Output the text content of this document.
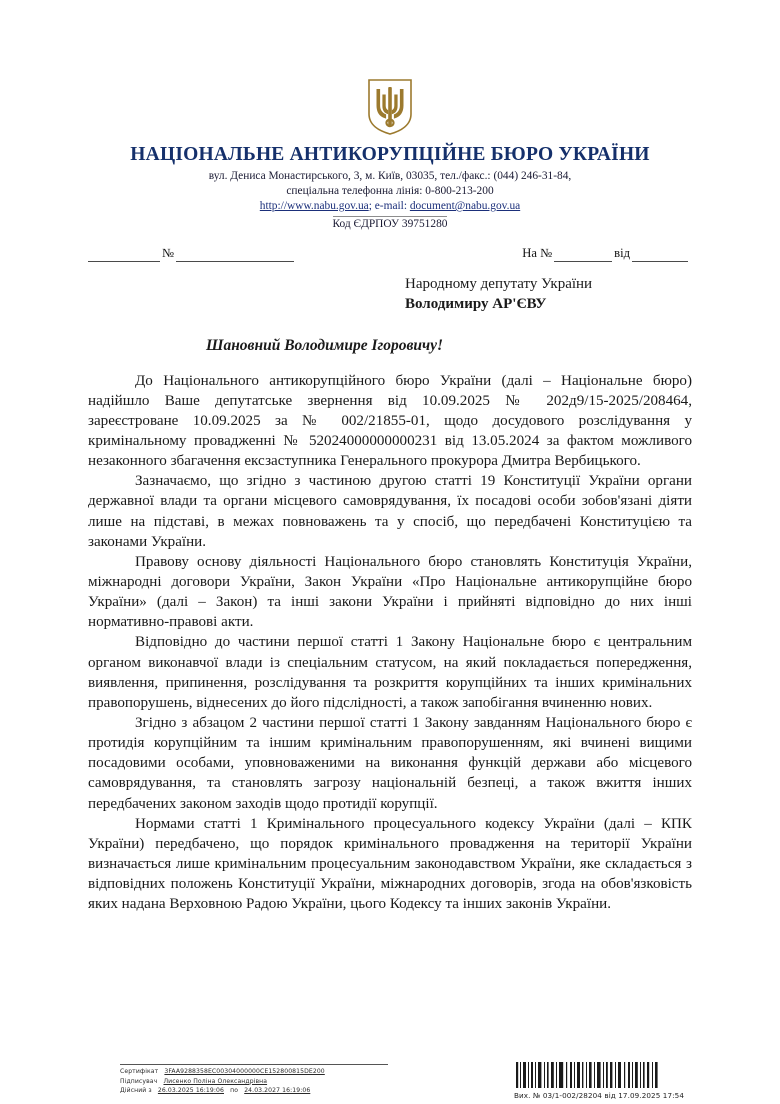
НАЦІОНАЛЬНЕ АНТИКОРУПЦІЙНЕ БЮРО УКРАЇНИ
вул. Дениса Монастирського, 3, м. Київ, 03035, тел./факс.: (044) 246-31-84,
спеціальна телефонна лінія: 0-800-213-200
http://www.nabu.gov.ua; e-mail: document@nabu.gov.ua
Код ЄДРПОУ 39751280
№	На №	від
Народному депутату України
Володимиру АР'ЄВУ
Шановний Володимире Ігоровичу!

До Національного антикорупційного бюро України (далі – Національне бюро) надійшло Ваше депутатське звернення від 10.09.2025 № 202д9/15-2025/208464, зареєстроване 10.09.2025 за № 002/21855-01, щодо досудового розслідування у кримінальному провадженні № 52024000000000231 від 13.05.2024 за фактом можливого незаконного збагачення ексзаступника Генерального прокурора Дмитра Вербицького.

Зазначаємо, що згідно з частиною другою статті 19 Конституції України органи державної влади та органи місцевого самоврядування, їх посадові особи зобов'язані діяти лише на підставі, в межах повноважень та у спосіб, що передбачені Конституцією та законами України.

Правову основу діяльності Національного бюро становлять Конституція України, міжнародні договори України, Закон України «Про Національне антикорупційне бюро України» (далі – Закон) та інші закони України і прийняті відповідно до них інші нормативно-правові акти.

Відповідно до частини першої статті 1 Закону Національне бюро є центральним органом виконавчої влади із спеціальним статусом, на який покладається попередження, виявлення, припинення, розслідування та розкриття корупційних та інших кримінальних правопорушень, віднесених до його підслідності, а також запобігання вчиненню нових.

Згідно з абзацом 2 частини першої статті 1 Закону завданням Національного бюро є протидія корупційним та іншим кримінальним правопорушенням, які вчинені вищими посадовими особами, уповноваженими на виконання функцій держави або місцевого самоврядування, та становлять загрозу національній безпеці, а також вжиття інших передбачених законом заходів щодо протидії корупції.

Нормами статті 1 Кримінального процесуального кодексу України (далі – КПК України) передбачено, що порядок кримінального провадження на території України визначається лише кримінальним процесуальним законодавством України, яке складається з відповідних положень Конституції України, міжнародних договорів, згода на обов'язковість яких надана Верховною Радою України, цього Кодексу та інших законів України.

Сертифікат 3FAA9288358EC00304000000CE152800815DE200
Підписувач Лисенко Поліна Олександрівна
Дійсний з 26.03.2025 16:19:06 по 24.03.2027 16:19:06
Вих. № 03/1-002/28204 від 17.09.2025 17:54
